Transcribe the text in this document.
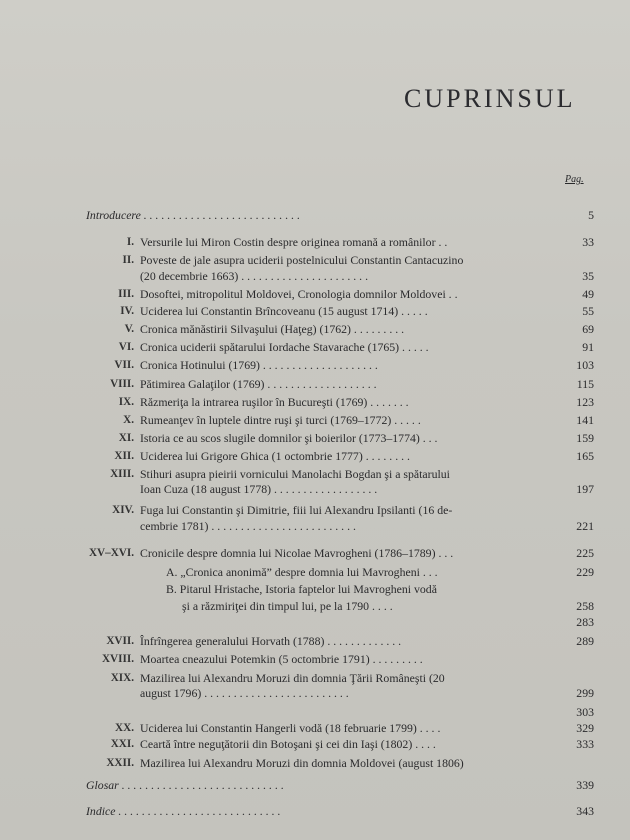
CUPRINSUL
Pag.
Introducere . . . . . . . . . . . . . . . . . . . . . . . . . . .	5
I. Versurile lui Miron Costin despre originea romană a românilor . .	33
II. Poveste de jale asupra uciderii postelnicului Constantin Cantacuzino
(20 decembrie 1663) . . . . . . . . . . . . . . . . . . . . . .	35
III. Dosoftei, mitropolitul Moldovei, Cronologia domnilor Moldovei . .	49
IV. Uciderea lui Constantin Brîncoveanu (15 august 1714) . . . . .	55
V. Cronica mănăstirii Silvaşului (Haţeg) (1762) . . . . . . . . .	69
VI. Cronica uciderii spătarului Iordache Stavarache (1765) . . . . .	91
VII. Cronica Hotinului (1769) . . . . . . . . . . . . . . . . . . . .	103
VIII. Pătimirea Galaţilor (1769) . . . . . . . . . . . . . . . . . . .	115
IX. Răzmeriţa la intrarea ruşilor în Bucureşti (1769) . . . . . . .	123
X. Rumeanţev în luptele dintre ruşi şi turci (1769–1772) . . . . .	141
XI. Istoria ce au scos slugile domnilor şi boierilor (1773–1774) . . .	159
XII. Uciderea lui Grigore Ghica (1 octombrie 1777) . . . . . . . .	165
XIII. Stihuri asupra pieirii vornicului Manolachi Bogdan şi a spătarului
Ioan Cuza (18 august 1778) . . . . . . . . . . . . . . . . . .	197
XIV. Fuga lui Constantin şi Dimitrie, fiii lui Alexandru Ipsilanti (16 de-
cembrie 1781) . . . . . . . . . . . . . . . . . . . . . . . . .	221
XV–XVI. Cronicile despre domnia lui Nicolae Mavrogheni (1786–1789) . . .	225
A. „Cronica anonimă” despre domnia lui Mavrogheni . . .	229
B. Pitarul Hristache, Istoria faptelor lui Mavrogheni vodă
şi a răzmiriţei din timpul lui, pe la 1790 . . . .	258
283
XVII. Înfrîngerea generalului Horvath (1788) . . . . . . . . . . . . .	289
XVIII. Moartea cneazului Potemkin (5 octombrie 1791) . . . . . . . . .
XIX. Mazilirea lui Alexandru Moruzi din domnia Ţării Româneşti (20
august 1796) . . . . . . . . . . . . . . . . . . . . . . . . .	299
303
XX. Uciderea lui Constantin Hangerli vodă (18 februarie 1799) . . . .	329
XXI. Ceartă între neguţătorii din Botoşani şi cei din Iaşi (1802) . . . .	333
XXII. Mazilirea lui Alexandru Moruzi din domnia Moldovei (august 1806)
Glosar . . . . . . . . . . . . . . . . . . . . . . . . . . . .	339
Indice . . . . . . . . . . . . . . . . . . . . . . . . . . . .	343
